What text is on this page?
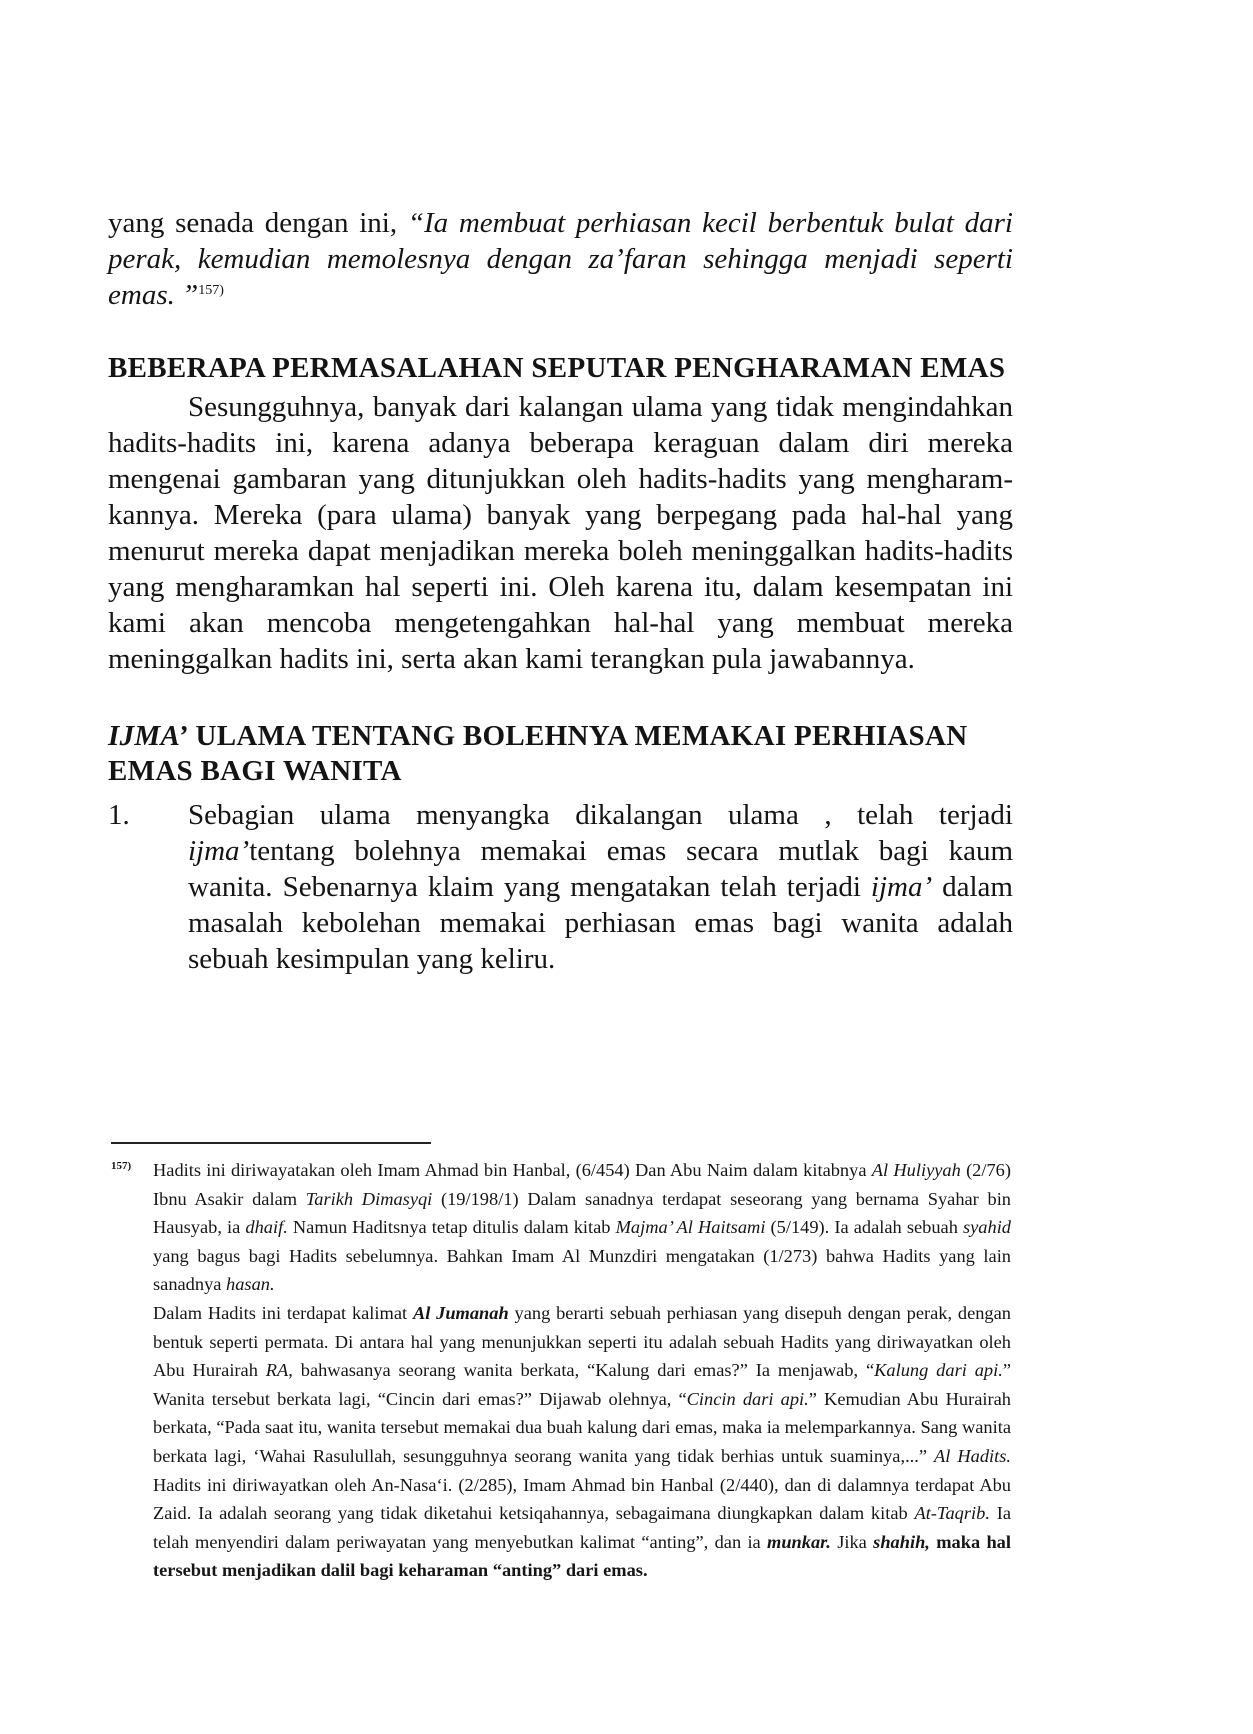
yang senada dengan ini, “Ia membuat perhiasan kecil berbentuk bulat dari perak, kemudian memolesnya dengan za’faran sehingga menjadi seperti emas. ”$^{157)}$

BEBERAPA PERMASALAHAN SEPUTAR PENGHARAMAN EMAS

Sesungguhnya, banyak dari kalangan ulama yang tidak mengindahkan hadits-hadits ini, karena adanya beberapa keraguan dalam diri mereka mengenai gambaran yang ditunjukkan oleh hadits-hadits yang mengharam-kannya. Mereka (para ulama) banyak yang berpegang pada hal-hal yang menurut mereka dapat menjadikan mereka boleh meninggalkan hadits-hadits yang mengharamkan hal seperti ini. Oleh karena itu, dalam kesempatan ini kami akan mencoba mengetengahkan hal-hal yang membuat mereka meninggalkan hadits ini, serta akan kami terangkan pula jawabannya.

IJMA’ ULAMA TENTANG BOLEHNYA MEMAKAI PERHIASAN EMAS BAGI WANITA
1.	Sebagian ulama menyangka dikalangan ulama , telah terjadi ijma’tentang bolehnya memakai emas secara mutlak bagi kaum wanita. Sebenarnya klaim yang mengatakan telah terjadi ijma’ dalam masalah kebolehan memakai perhiasan emas bagi wanita adalah sebuah kesimpulan yang keliru.
157)	Hadits ini diriwayatakan oleh Imam Ahmad bin Hanbal, (6/454) Dan Abu Naim dalam kitabnya Al Huliyyah (2/76) Ibnu Asakir dalam Tarikh Dimasyqi (19/198/1) Dalam sanadnya terdapat seseorang yang bernama Syahar bin Hausyab, ia dhaif. Namun Haditsnya tetap ditulis dalam kitab Majma’ Al Haitsami (5/149). Ia adalah sebuah syahid yang bagus bagi Hadits sebelumnya. Bahkan Imam Al Munzdiri mengatakan (1/273) bahwa Hadits yang lain sanadnya hasan.

Dalam Hadits ini terdapat kalimat Al Jumanah yang berarti sebuah perhiasan yang disepuh dengan perak, dengan bentuk seperti permata. Di antara hal yang menunjukkan seperti itu adalah sebuah Hadits yang diriwayatkan oleh Abu Hurairah RA, bahwasanya seorang wanita berkata, “Kalung dari emas?” Ia menjawab, “Kalung dari api.” Wanita tersebut berkata lagi, “Cincin dari emas?” Dijawab olehnya, “Cincin dari api.” Kemudian Abu Hurairah berkata, “Pada saat itu, wanita tersebut memakai dua buah kalung dari emas, maka ia melemparkannya. Sang wanita berkata lagi, ‘Wahai Rasulullah, sesungguhnya seorang wanita yang tidak berhias untuk suaminya,...” Al Hadits. Hadits ini diriwayatkan oleh An-Nasa‘i. (2/285), Imam Ahmad bin Hanbal (2/440), dan di dalamnya terdapat Abu Zaid. Ia adalah seorang yang tidak diketahui ketsiqahannya, sebagaimana diungkapkan dalam kitab At-Taqrib. Ia telah menyendiri dalam periwayatan yang menyebutkan kalimat “anting”, dan ia munkar. Jika shahih, maka hal tersebut menjadikan dalil bagi keharaman “anting” dari emas.
